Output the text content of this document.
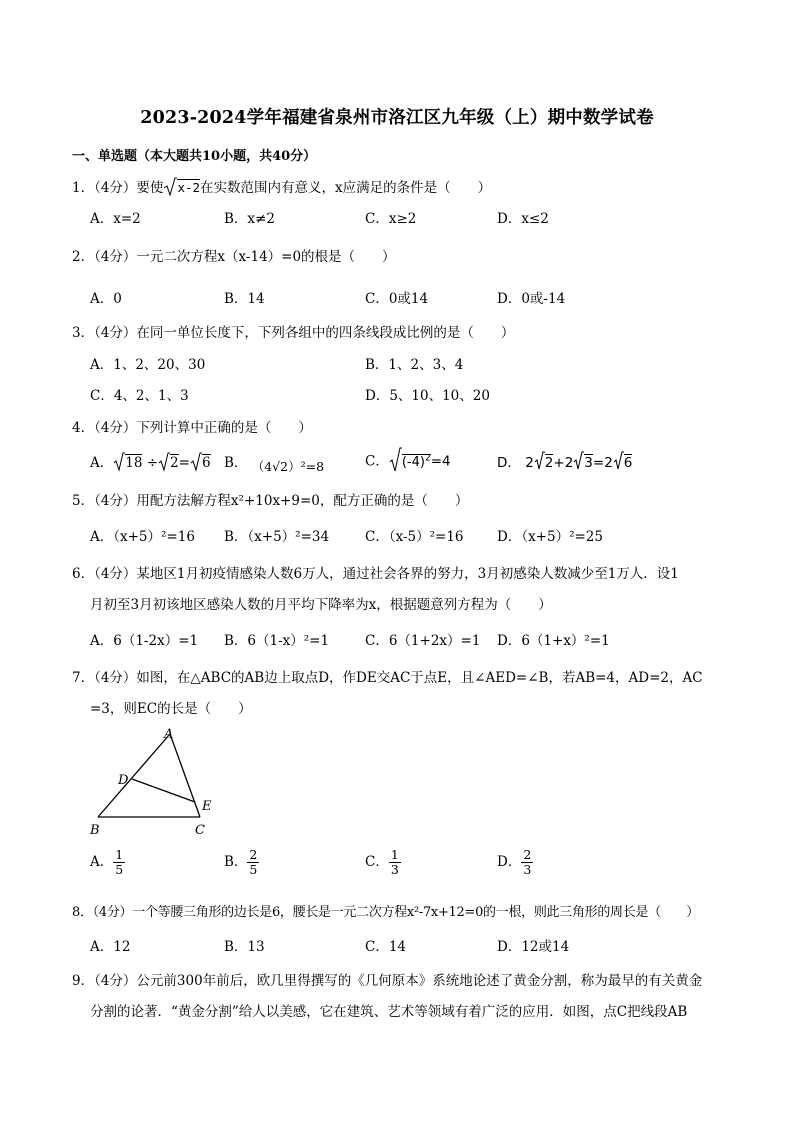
2023-2024学年福建省泉州市洛江区九年级（上）期中数学试卷
一、单选题（本大题共10小题，共40分）
1．（4分）要使 x-2在实数范围内有意义，x应满足的条件是（　　）
A．x=2	B．x≠2	C．x≥2	D．x≤2
2．（4分）一元二次方程x（x-14）=0的根是（　　）
A．0	B．14	C．0或14	D．0或-14
3．（4分）在同一单位长度下，下列各组中的四条线段成比例的是（　　）
A．1、2、20、30	B．1、2、3、4
C．4、2、1、3	D．5、10、10、20
4．（4分）下列计算中正确的是（　　）
A． 18 ÷ 2= 6 B． （4√2）²=8	C． $(-4)^2=4$	D． 2 2+2 3=2 6
5．（4分）用配方法解方程x²+10x+9=0，配方正确的是（　　）
A．（x+5）²=16 B．（x+5）²=34	C．（x-5）²=16 D．（x+5）²=25
6．（4分）某地区1月初疫情感染人数6万人，通过社会各界的努力，3月初感染人数减少至1万人．设1
月初至3月初该地区感染人数的月平均下降率为x，根据题意列方程为（　　）
A．6（1-2x）=1 B．6（1-x）²=1	C．6（1+2x）=1 D．6（1+x）²=1
7．（4分）如图，在△ABC的AB边上取点D，作DE交AC于点E，且∠AED=∠B，若AB=4，AD=2，AC
=3，则EC的长是（　　）
A
D
E
B	C
A． $\frac{1}{5}$	B． $\frac{2}{5}$	C． $\frac{1}{3}$	D． $\frac{2}{3}$
8．（4分）一个等腰三角形的边长是6，腰长是一元二次方程x²-7x+12=0的一根，则此三角形的周长是（　　）
A．12	B．13	C．14	D．12或14
9．（4分）公元前300年前后，欧几里得撰写的《几何原本》系统地论述了黄金分割，称为最早的有关黄金
分割的论著．“黄金分割”给人以美感，它在建筑、艺术等领域有着广泛的应用．如图，点C把线段AB
